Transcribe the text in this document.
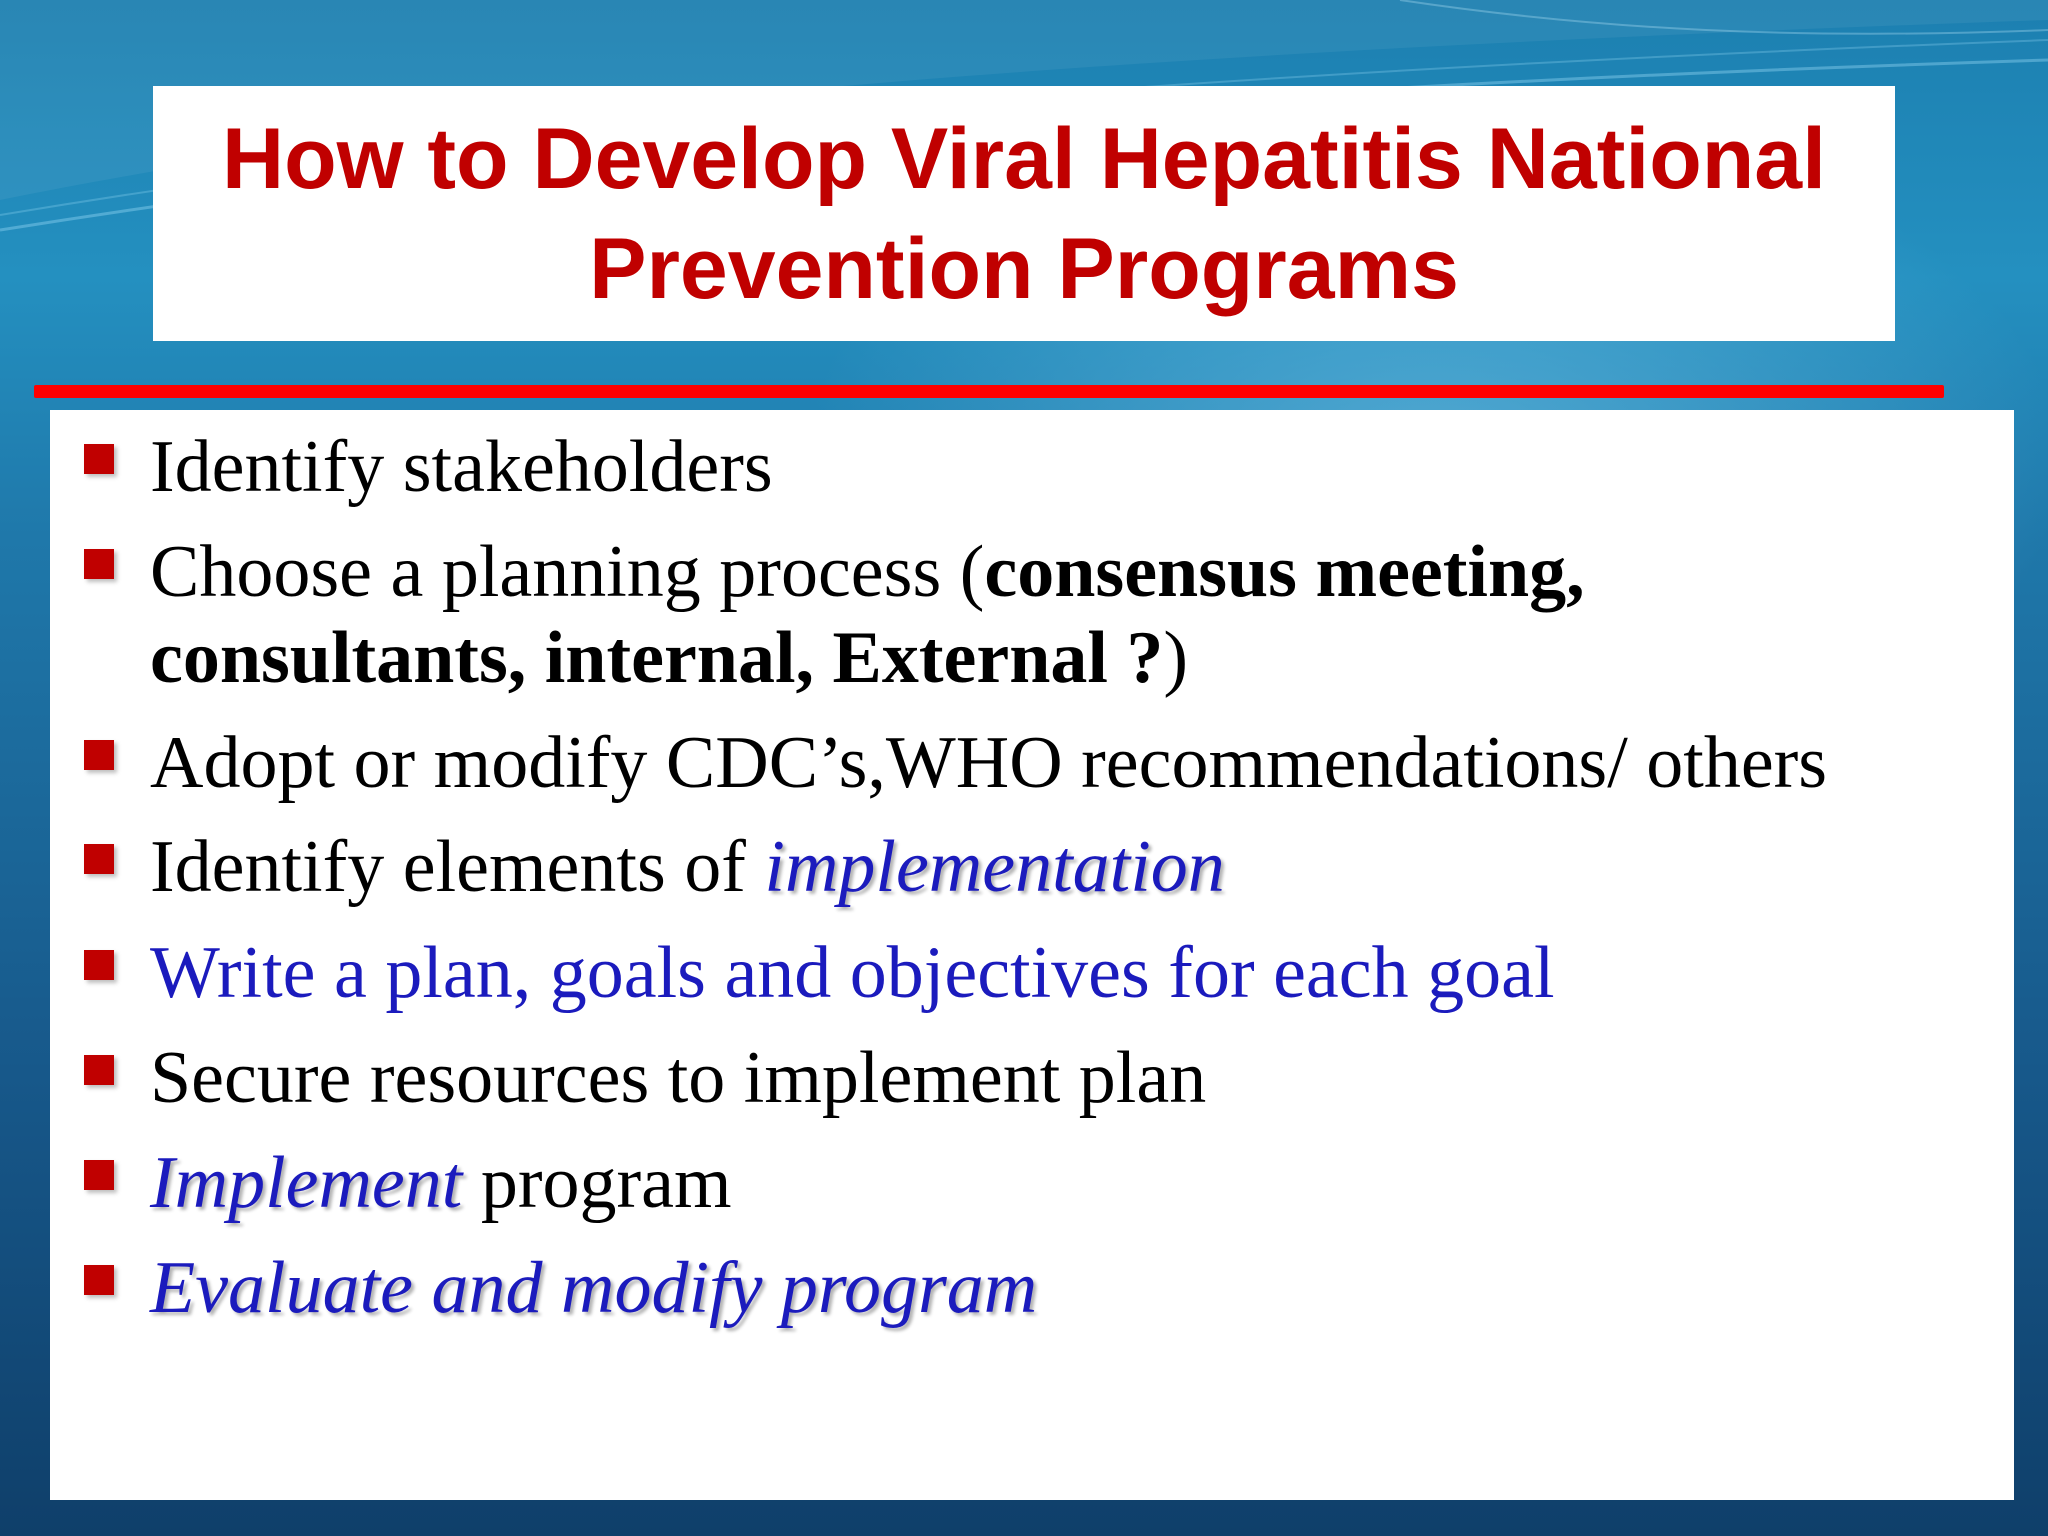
How to Develop Viral Hepatitis National
Prevention Programs
Identify stakeholders
Choose a planning process (consensus meeting,
consultants, internal, External ?)
Adopt or modify CDC’s,WHO recommendations/ others
Identify elements of implementation
Write a plan, goals and objectives for each goal
Secure resources to implement plan
Implement program
Evaluate and modify program
